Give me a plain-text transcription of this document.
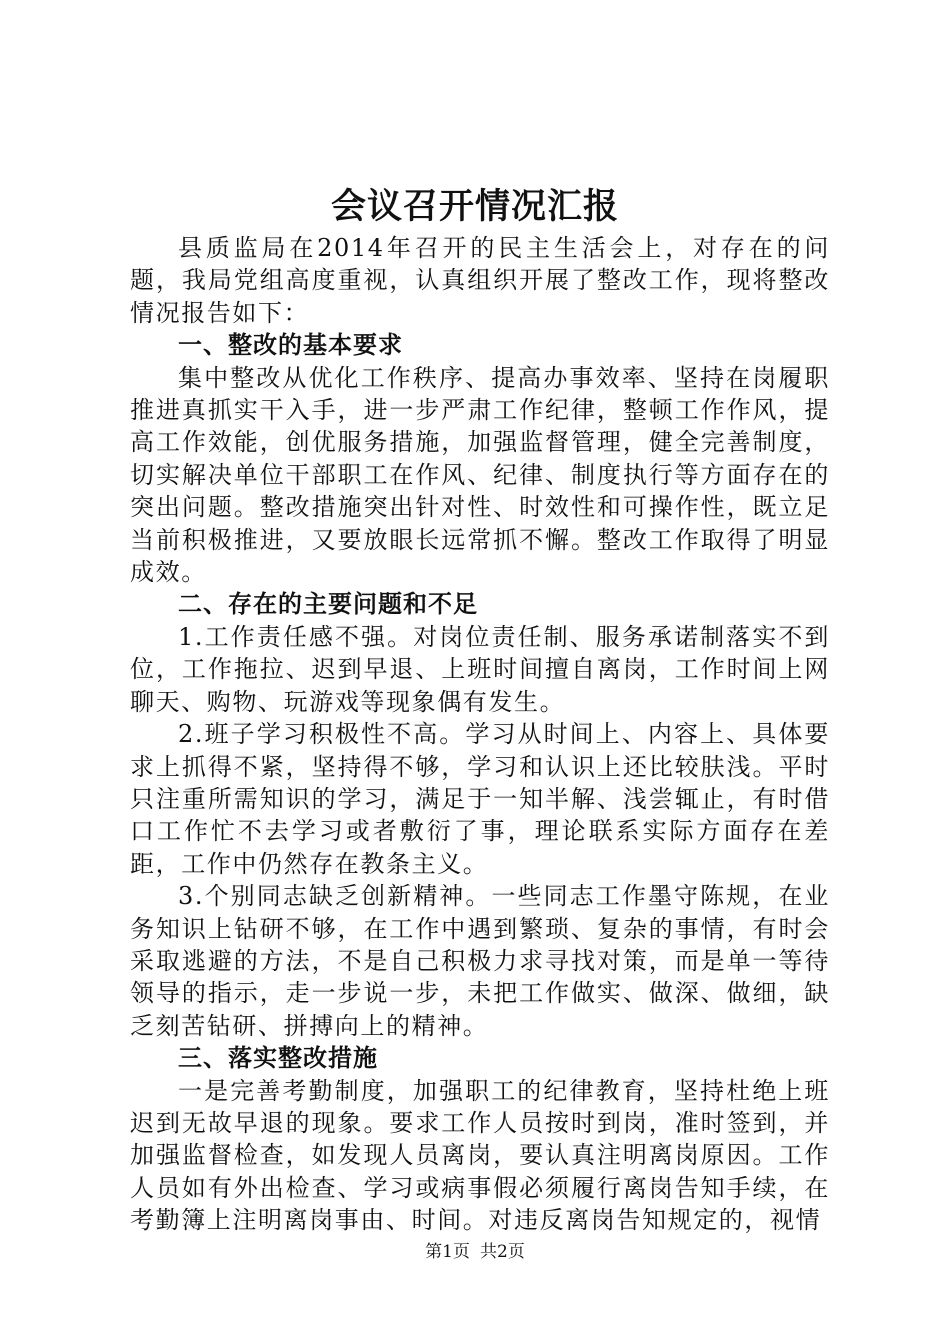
会议召开情况汇报

县质监局在2014年召开的民主生活会上，对存在的问题，我局党组高度重视，认真组织开展了整改工作，现将整改情况报告如下：

一、整改的基本要求

集中整改从优化工作秩序、提高办事效率、坚持在岗履职推进真抓实干入手，进一步严肃工作纪律，整顿工作作风，提高工作效能，创优服务措施，加强监督管理，健全完善制度，切实解决单位干部职工在作风、纪律、制度执行等方面存在的突出问题。整改措施突出针对性、时效性和可操作性，既立足当前积极推进，又要放眼长远常抓不懈。整改工作取得了明显成效。

二、存在的主要问题和不足

1.工作责任感不强。对岗位责任制、服务承诺制落实不到位，工作拖拉、迟到早退、上班时间擅自离岗，工作时间上网聊天、购物、玩游戏等现象偶有发生。

2.班子学习积极性不高。学习从时间上、内容上、具体要求上抓得不紧，坚持得不够，学习和认识上还比较肤浅。平时只注重所需知识的学习，满足于一知半解、浅尝辄止，有时借口工作忙不去学习或者敷衍了事，理论联系实际方面存在差距，工作中仍然存在教条主义。

3.个别同志缺乏创新精神。一些同志工作墨守陈规，在业务知识上钻研不够，在工作中遇到繁琐、复杂的事情，有时会采取逃避的方法，不是自己积极力求寻找对策，而是单一等待领导的指示，走一步说一步，未把工作做实、做深、做细，缺乏刻苦钻研、拼搏向上的精神。

三、落实整改措施

一是完善考勤制度，加强职工的纪律教育，坚持杜绝上班迟到无故早退的现象。要求工作人员按时到岗，准时签到，并加强监督检查，如发现人员离岗，要认真注明离岗原因。工作人员如有外出检查、学习或病事假必须履行离岗告知手续，在考勤簿上注明离岗事由、时间。对违反离岗告知规定的，视情

第1页 共2页
